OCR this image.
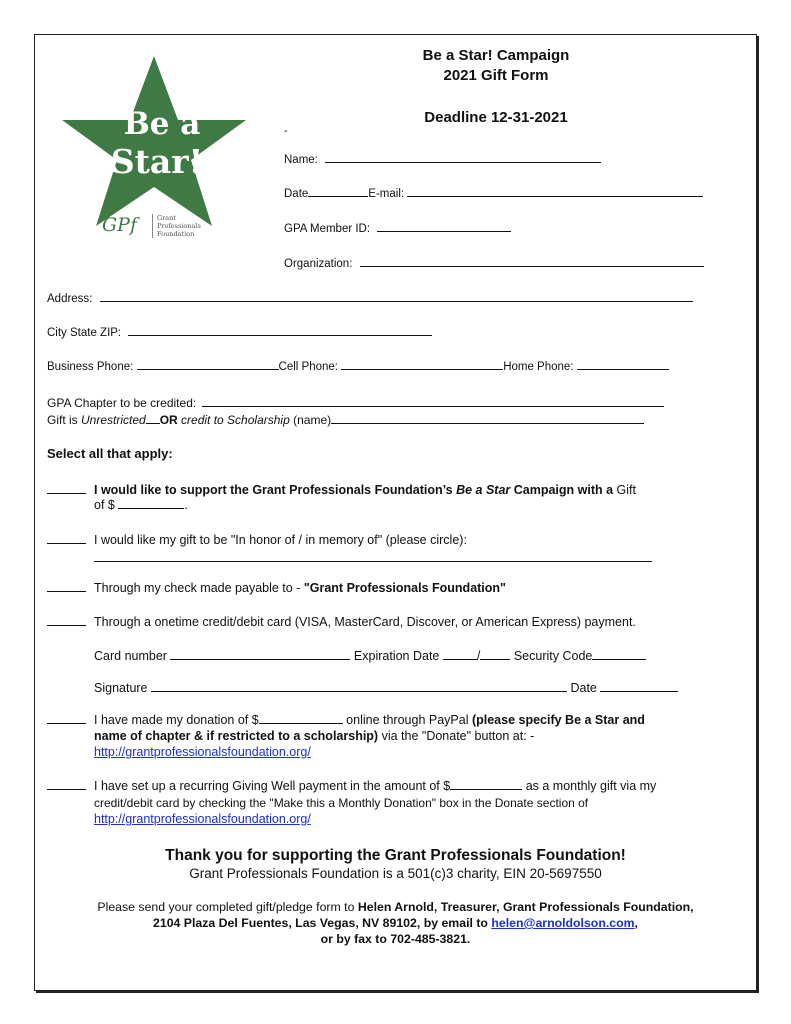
Be a
Star!
GPf	Grant
Professionals
Foundation
Be a Star! Campaign
2021 Gift Form
Deadline 12-31-2021
-
Name:
Date	E-mail:
GPA Member ID:
Organization:
Address:
City State ZIP:
Business Phone:	Cell Phone:	Home Phone:
GPA Chapter to be credited:
Gift is Unrestricted OR credit to Scholarship (name)
Select all that apply:
I would like to support the Grant Professionals Foundation’s Be a Star Campaign with a Gift
of $	.
I would like my gift to be "In honor of / in memory of" (please circle):
Through my check made payable to - "Grant Professionals Foundation"
Through a onetime credit/debit card (VISA, MasterCard, Discover, or American Express) payment.
Card number	Expiration Date	/	Security Code
Signature	Date
I have made my donation of $	online through PayPal (please specify Be a Star and
name of chapter & if restricted to a scholarship) via the "Donate" button at: -
http://grantprofessionalsfoundation.org/
I have set up a recurring Giving Well payment in the amount of $	as a monthly gift via my
credit/debit card by checking the "Make this a Monthly Donation" box in the Donate section of
http://grantprofessionalsfoundation.org/
Thank you for supporting the Grant Professionals Foundation!
Grant Professionals Foundation is a 501(c)3 charity, EIN 20-5697550
Please send your completed gift/pledge form to Helen Arnold, Treasurer, Grant Professionals Foundation,
2104 Plaza Del Fuentes, Las Vegas, NV 89102, by email to helen@arnoldolson.com,
or by fax to 702-485-3821.
